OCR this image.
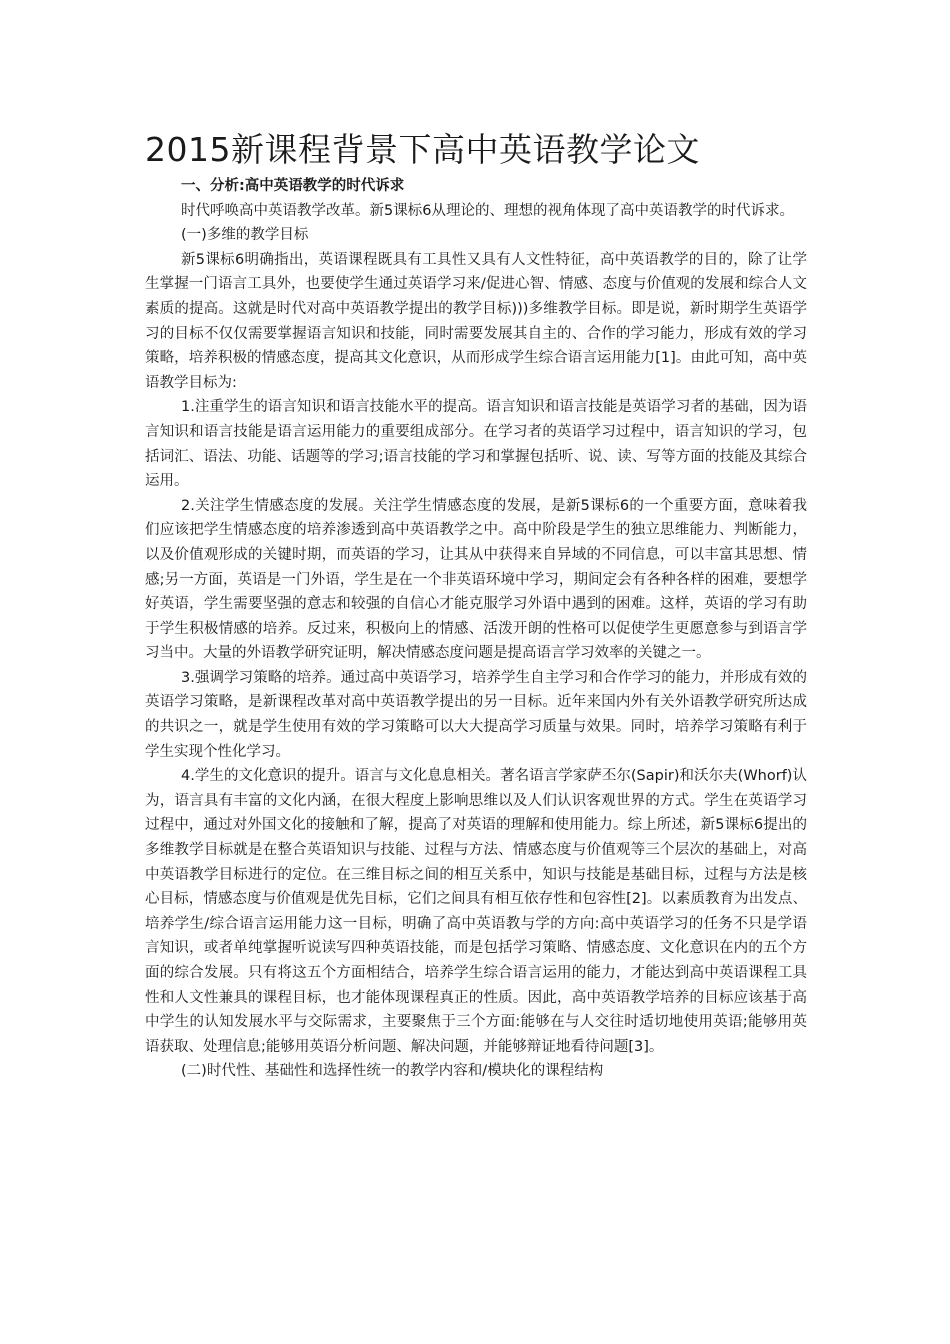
2015新课程背景下高中英语教学论文

一、分析:高中英语教学的时代诉求

时代呼唤高中英语教学改革。新5课标6从理论的、理想的视角体现了高中英语教学的时代诉求。

(一)多维的教学目标

新5课标6明确指出，英语课程既具有工具性又具有人文性特征，高中英语教学的目的，除了让学生掌握一门语言工具外，也要使学生通过英语学习来/促进心智、情感、态度与价值观的发展和综合人文素质的提高。这就是时代对高中英语教学提出的教学目标)))多维教学目标。即是说，新时期学生英语学习的目标不仅仅需要掌握语言知识和技能，同时需要发展其自主的、合作的学习能力，形成有效的学习策略，培养积极的情感态度，提高其文化意识，从而形成学生综合语言运用能力[1]。由此可知，高中英语教学目标为:

1.注重学生的语言知识和语言技能水平的提高。语言知识和语言技能是英语学习者的基础，因为语言知识和语言技能是语言运用能力的重要组成部分。在学习者的英语学习过程中，语言知识的学习，包括词汇、语法、功能、话题等的学习;语言技能的学习和掌握包括听、说、读、写等方面的技能及其综合运用。

2.关注学生情感态度的发展。关注学生情感态度的发展，是新5课标6的一个重要方面，意味着我们应该把学生情感态度的培养渗透到高中英语教学之中。高中阶段是学生的独立思维能力、判断能力，以及价值观形成的关键时期，而英语的学习，让其从中获得来自异域的不同信息，可以丰富其思想、情感;另一方面，英语是一门外语，学生是在一个非英语环境中学习，期间定会有各种各样的困难，要想学好英语，学生需要坚强的意志和较强的自信心才能克服学习外语中遇到的困难。这样，英语的学习有助于学生积极情感的培养。反过来，积极向上的情感、活泼开朗的性格可以促使学生更愿意参与到语言学习当中。大量的外语教学研究证明，解决情感态度问题是提高语言学习效率的关键之一。

3.强调学习策略的培养。通过高中英语学习，培养学生自主学习和合作学习的能力，并形成有效的英语学习策略，是新课程改革对高中英语教学提出的另一目标。近年来国内外有关外语教学研究所达成的共识之一，就是学生使用有效的学习策略可以大大提高学习质量与效果。同时，培养学习策略有利于学生实现个性化学习。

4.学生的文化意识的提升。语言与文化息息相关。著名语言学家萨丕尔(Sapir)和沃尔夫(Whorf)认为，语言具有丰富的文化内涵，在很大程度上影响思维以及人们认识客观世界的方式。学生在英语学习过程中，通过对外国文化的接触和了解，提高了对英语的理解和使用能力。综上所述，新5课标6提出的多维教学目标就是在整合英语知识与技能、过程与方法、情感态度与价值观等三个层次的基础上，对高中英语教学目标进行的定位。在三维目标之间的相互关系中，知识与技能是基础目标，过程与方法是核心目标，情感态度与价值观是优先目标，它们之间具有相互依存性和包容性[2]。以素质教育为出发点、培养学生/综合语言运用能力这一目标，明确了高中英语教与学的方向:高中英语学习的任务不只是学语言知识，或者单纯掌握听说读写四种英语技能，而是包括学习策略、情感态度、文化意识在内的五个方面的综合发展。只有将这五个方面相结合，培养学生综合语言运用的能力，才能达到高中英语课程工具性和人文性兼具的课程目标，也才能体现课程真正的性质。因此，高中英语教学培养的目标应该基于高中学生的认知发展水平与交际需求，主要聚焦于三个方面:能够在与人交往时适切地使用英语;能够用英语获取、处理信息;能够用英语分析问题、解决问题，并能够辩证地看待问题[3]。

(二)时代性、基础性和选择性统一的教学内容和/模块化的课程结构
